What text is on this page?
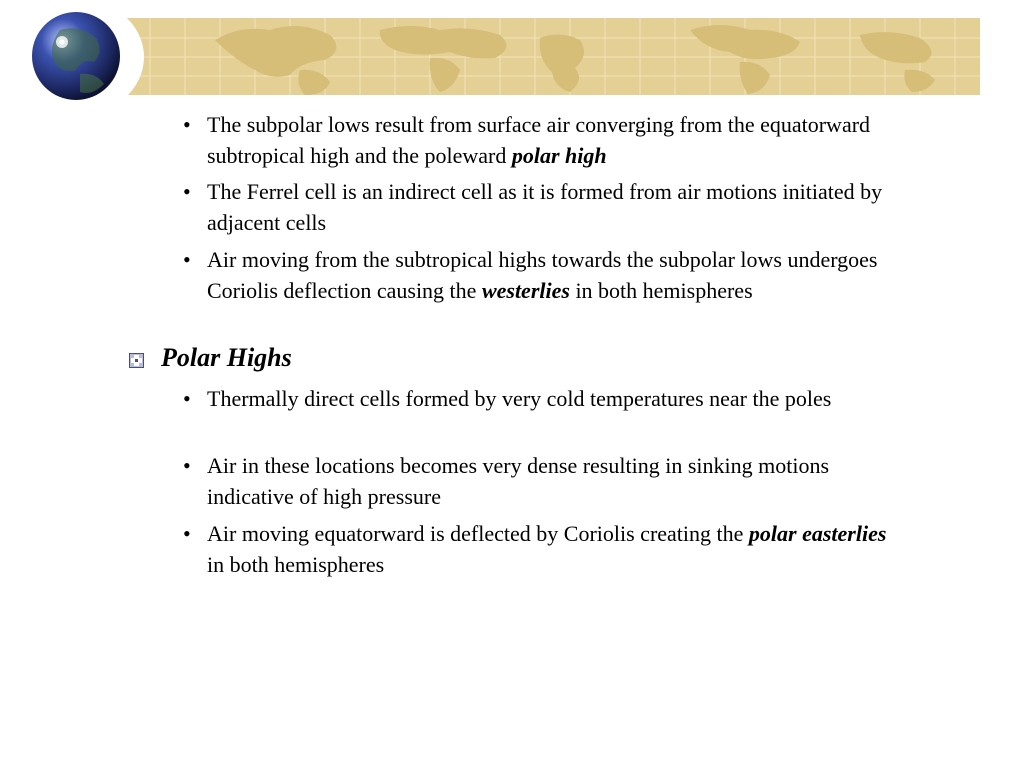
• The subpolar lows result from surface air converging from the equatorward subtropical high and the poleward polar high
• The Ferrel cell is an indirect cell as it is formed from air motions initiated by adjacent cells
• Air moving from the subtropical highs towards the subpolar lows undergoes Coriolis deflection causing the westerlies in both hemispheres
Polar Highs
• Thermally direct cells formed by very cold temperatures near the poles
• Air in these locations becomes very dense resulting in sinking motions indicative of high pressure
• Air moving equatorward is deflected by Coriolis creating the polar easterlies in both hemispheres
